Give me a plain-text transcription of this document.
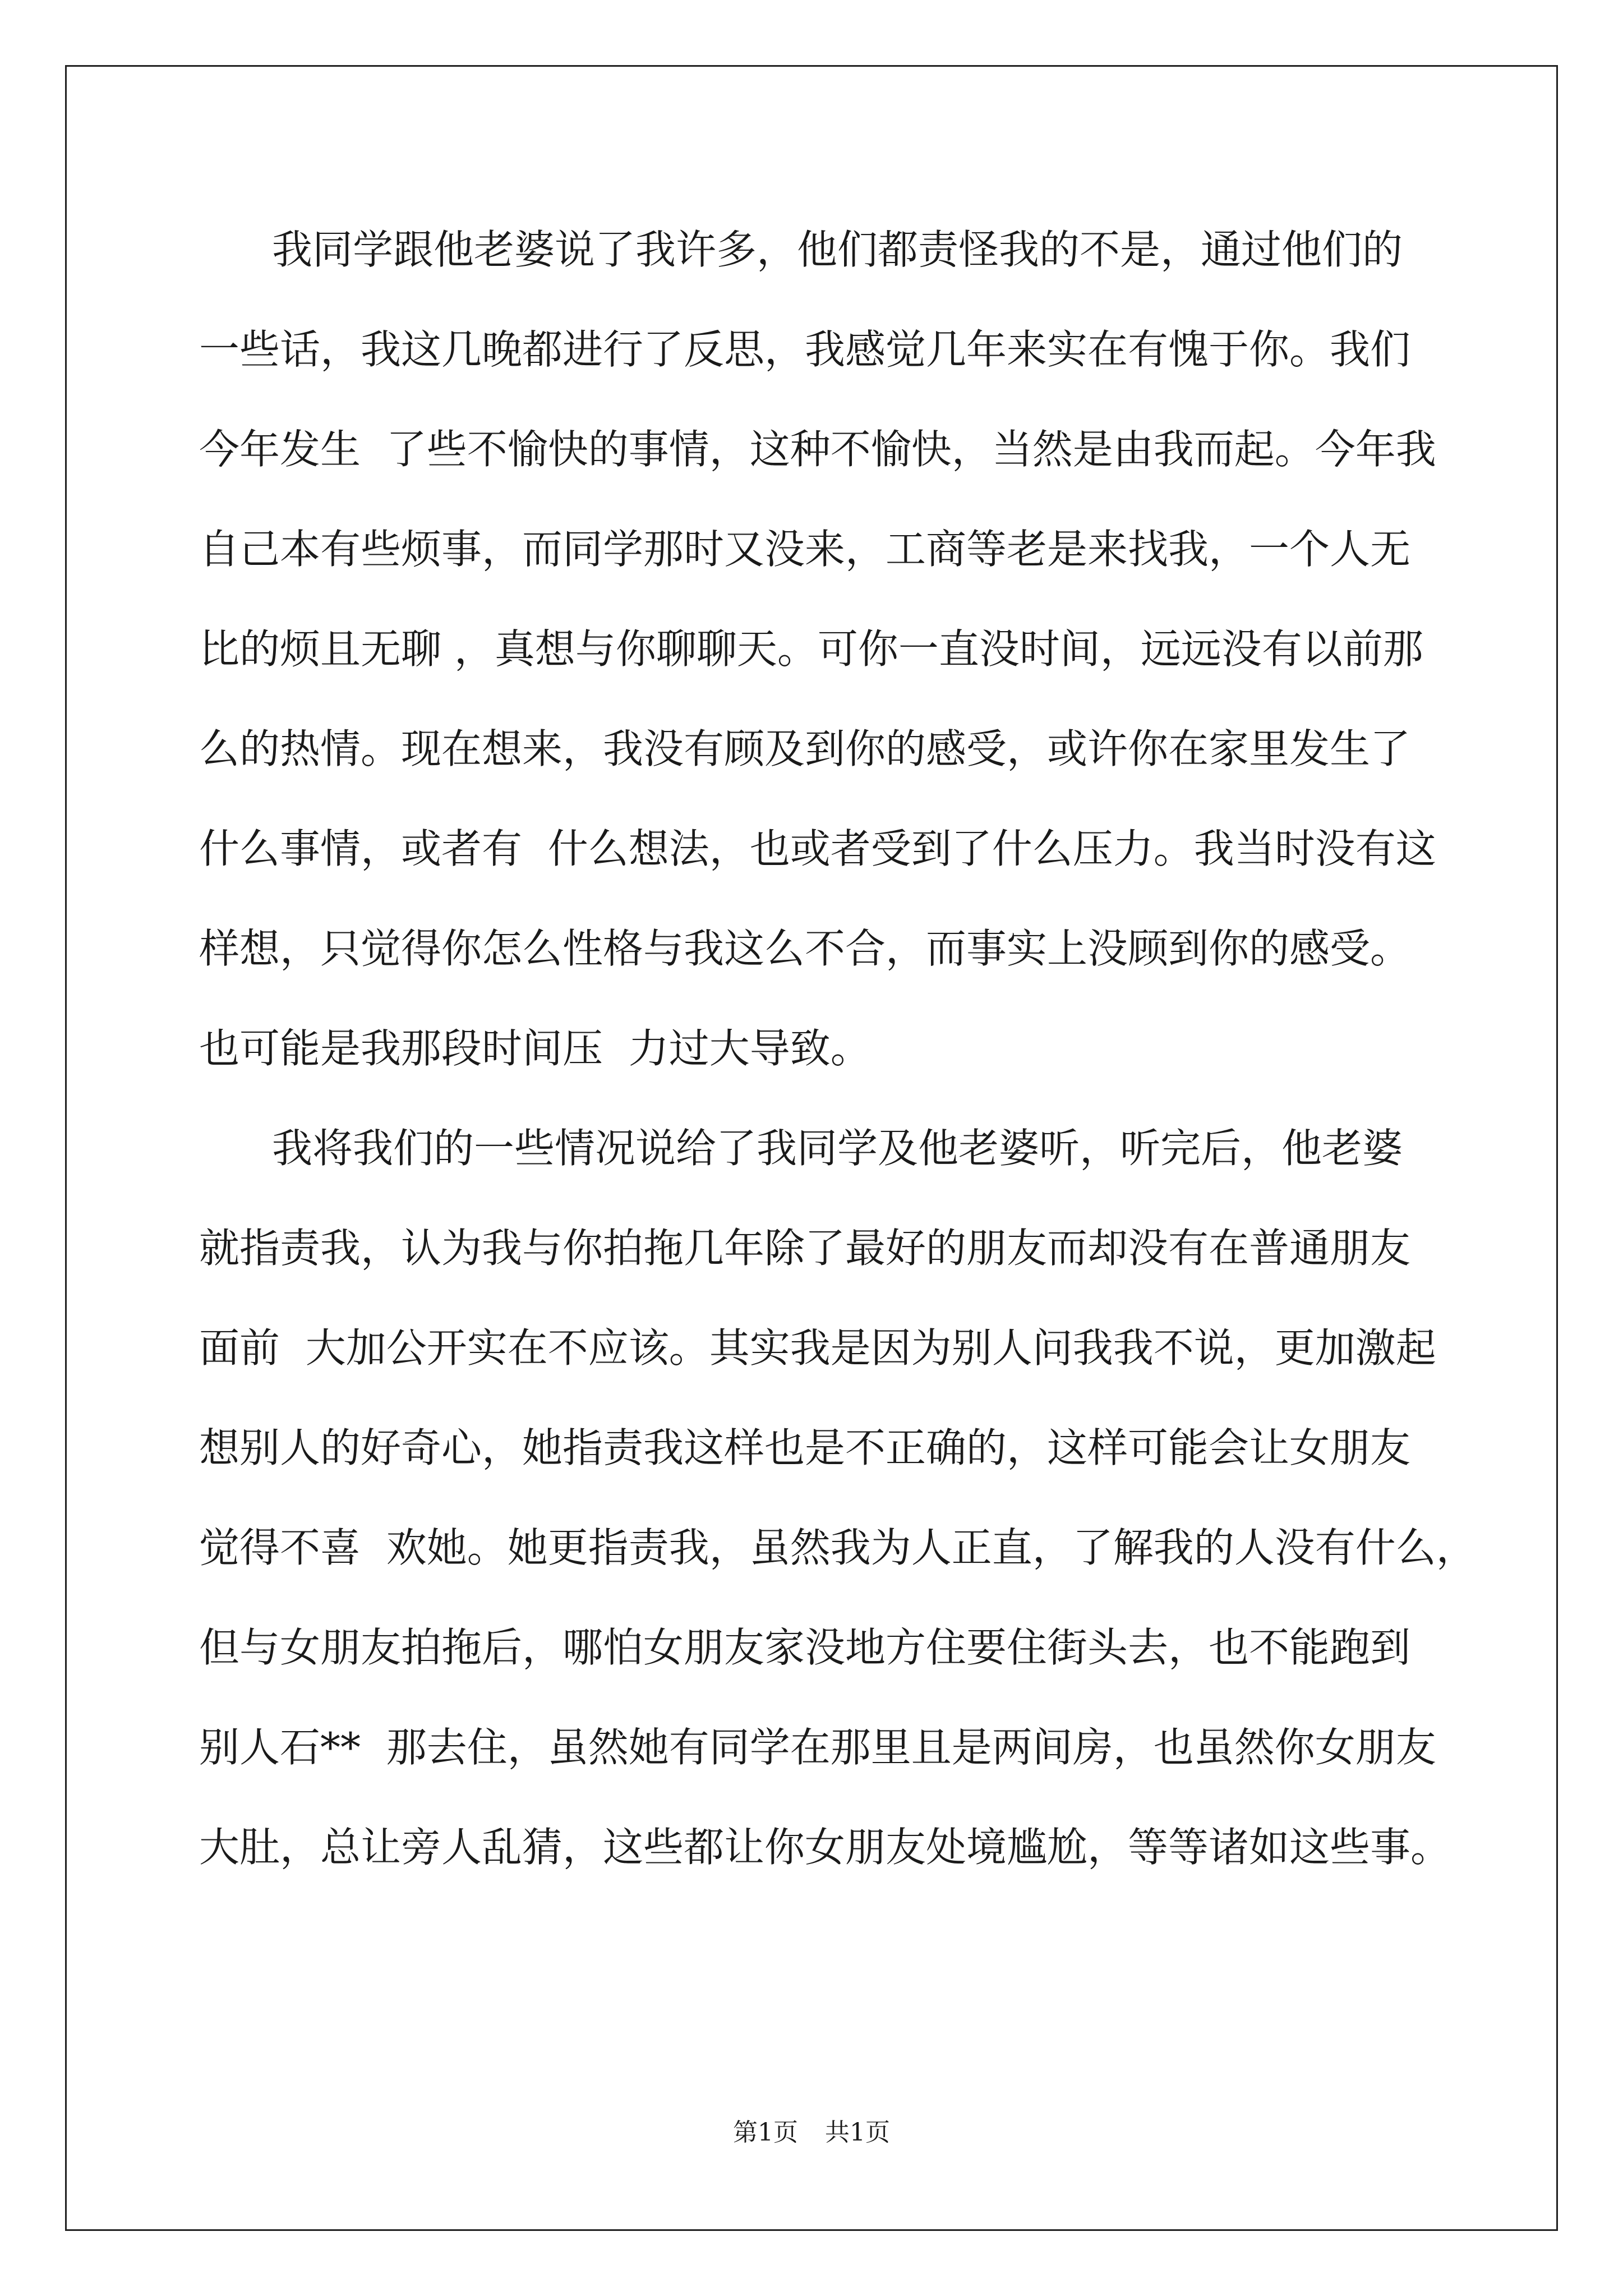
我同学跟他老婆说了我许多，他们都责怪我的不是，通过他们的
一些话，我这几晚都进行了反思，我感觉几年来实在有愧于你。我们
今年发生  了些不愉快的事情，这种不愉快，当然是由我而起。今年我
自己本有些烦事，而同学那时又没来，工商等老是来找我，一个人无
比的烦且无聊 ，真想与你聊聊天。可你一直没时间，远远没有以前那
么的热情。现在想来，我没有顾及到你的感受，或许你在家里发生了
什么事情，或者有  什么想法，也或者受到了什么压力。我当时没有这
样想，只觉得你怎么性格与我这么不合，而事实上没顾到你的感受。
也可能是我那段时间压  力过大导致。
我将我们的一些情况说给了我同学及他老婆听，听完后，他老婆
就指责我，认为我与你拍拖几年除了最好的朋友而却没有在普通朋友
面前  大加公开实在不应该。其实我是因为别人问我我不说，更加激起
想别人的好奇心，她指责我这样也是不正确的，这样可能会让女朋友
觉得不喜  欢她。她更指责我，虽然我为人正直，了解我的人没有什么，
但与女朋友拍拖后，哪怕女朋友家没地方住要住街头去，也不能跑到
别人石**  那去住，虽然她有同学在那里且是两间房，也虽然你女朋友
大肚，总让旁人乱猜，这些都让你女朋友处境尴尬，等等诸如这些事。
第1页 共1页
